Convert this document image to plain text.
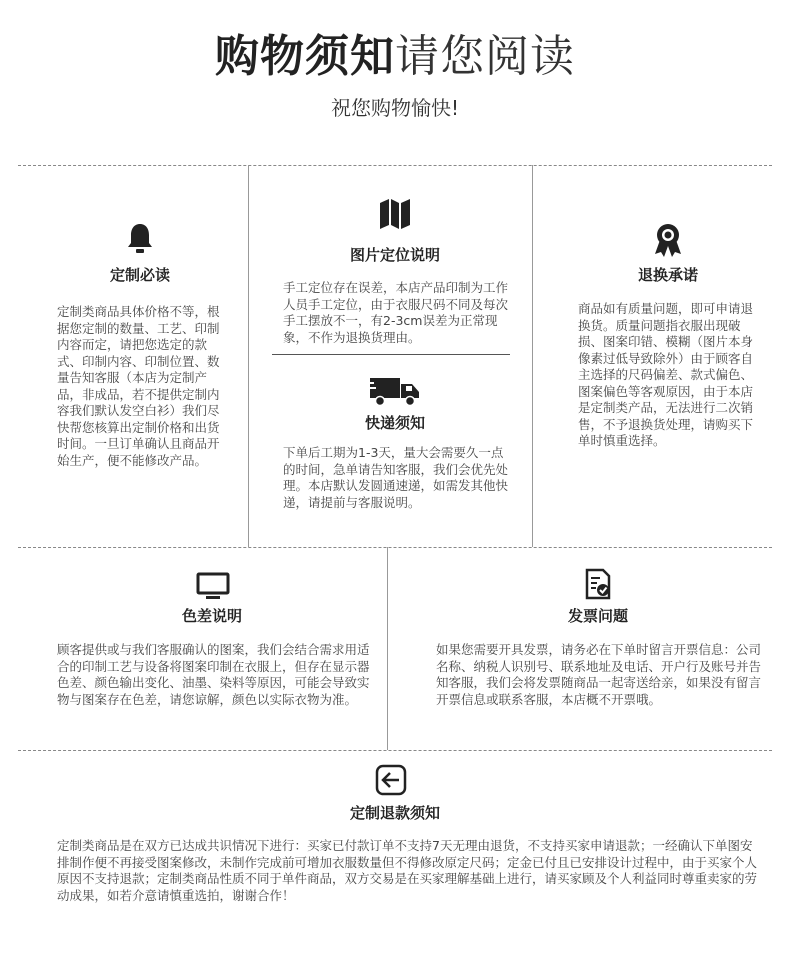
购物须知请您阅读
祝您购物愉快!
定制必读
定制类商品具体价格不等，根据您定制的数量、工艺、印制内容而定，请把您选定的款式、印制内容、印制位置、数量告知客服（本店为定制产品，非成品，若不提供定制内容我们默认发空白衫）我们尽快帮您核算出定制价格和出货时间。一旦订单确认且商品开始生产，便不能修改产品。
图片定位说明
手工定位存在误差，本店产品印制为工作人员手工定位，由于衣服尺码不同及每次手工摆放不一，有2-3cm误差为正常现象，不作为退换货理由。
快递须知
下单后工期为1-3天，量大会需要久一点的时间，急单请告知客服，我们会优先处理。本店默认发圆通速递，如需发其他快递，请提前与客服说明。
退换承诺
商品如有质量问题，即可申请退换货。质量问题指衣服出现破损、图案印错、模糊（图片本身像素过低导致除外）由于顾客自主选择的尺码偏差、款式偏色、图案偏色等客观原因，由于本店是定制类产品，无法进行二次销售，不予退换货处理，请购买下单时慎重选择。
色差说明
顾客提供或与我们客服确认的图案，我们会结合需求用适合的印制工艺与设备将图案印制在衣服上，但存在显示器色差、颜色输出变化、油墨、染料等原因，可能会导致实物与图案存在色差，请您谅解，颜色以实际衣物为准。
发票问题
如果您需要开具发票，请务必在下单时留言开票信息：公司名称、纳税人识别号、联系地址及电话、开户行及账号并告知客服，我们会将发票随商品一起寄送给亲，如果没有留言开票信息或联系客服，本店概不开票哦。
定制退款须知
定制类商品是在双方已达成共识情况下进行：买家已付款订单不支持7天无理由退货，不支持买家申请退款；一经确认下单图安排制作便不再接受图案修改，未制作完成前可增加衣服数量但不得修改原定尺码；定金已付且已安排设计过程中，由于买家个人原因不支持退款；定制类商品性质不同于单件商品，双方交易是在买家理解基础上进行，请买家顾及个人利益同时尊重卖家的劳动成果，如若介意请慎重选拍，谢谢合作！
